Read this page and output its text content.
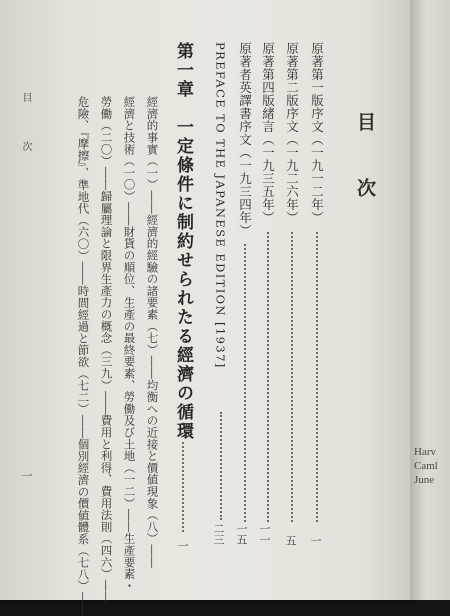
目
次
原著第一版序文（一九一二年）
一
原著第二版序文（一九二六年）
五
原著第四版緒言（一九三五年）
一一
原著者英譯書序文（一九三四年）
一五
PREFACE TO THE JAPANESE EDITION [1937]
二三
第一章　一定條件に制約せられたる經濟の循環
一
經濟的事實（一）――經濟的經驗の諸要素（七）――均衡への近接と價値現象（八）――
經濟と技術（一〇）――財貨の順位、生產の最終要素、勞働及び土地（一二）――生產要素・
勞働（二〇）――歸屬理論と限界生產力の概念（三九）――費用と利得、費用法則（四六）――
危險、『摩擦』、準地代（六〇）――時間經過と節欲（七二）――個別經濟の價値體系（七八）――
目 次
一
Harv
Caml
June
